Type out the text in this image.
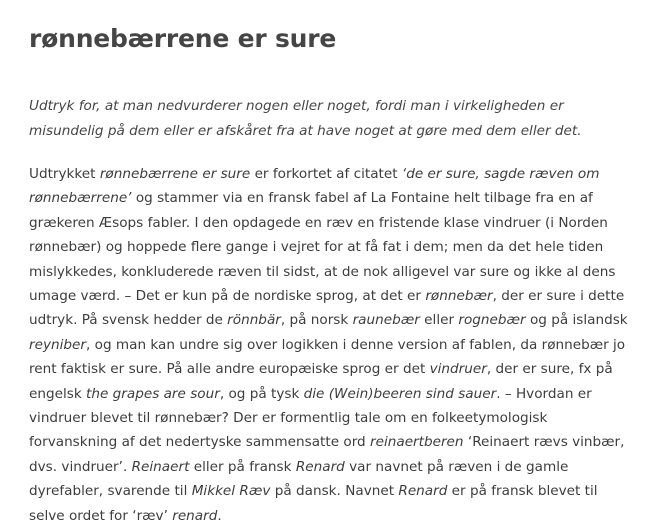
rønnebærrene er sure

Udtryk for, at man nedvurderer nogen eller noget, fordi man i virkeligheden er misundelig på dem eller er afskåret fra at have noget at gøre med dem eller det.

Udtrykket rønnebærrene er sure er forkortet af citatet ‘de er sure, sagde ræven om rønnebærrene’ og stammer via en fransk fabel af La Fontaine helt tilbage fra en af grækeren Æsops fabler. I den opdagede en ræv en fristende klase vindruer (i Norden rønnebær) og hoppede flere gange i vejret for at få fat i dem; men da det hele tiden mislykkedes, konkluderede ræven til sidst, at de nok alligevel var sure og ikke al dens umage værd. – Det er kun på de nordiske sprog, at det er rønnebær, der er sure i dette udtryk. På svensk hedder de rönnbär, på norsk raunebær eller rognebær og på islandsk reyniber, og man kan undre sig over logikken i denne version af fablen, da rønnebær jo rent faktisk er sure. På alle andre europæiske sprog er det vindruer, der er sure, fx på engelsk the grapes are sour, og på tysk die (Wein)beeren sind sauer. – Hvordan er vindruer blevet til rønnebær? Der er formentlig tale om en folkeetymologisk forvanskning af det nedertyske sammensatte ord reinaertberen ‘Reinaert rævs vinbær, dvs. vindruer’. Reinaert eller på fransk Renard var navnet på ræven i de gamle dyrefabler, svarende til Mikkel Ræv på dansk. Navnet Renard er på fransk blevet til selve ordet for ‘ræv’ renard.
